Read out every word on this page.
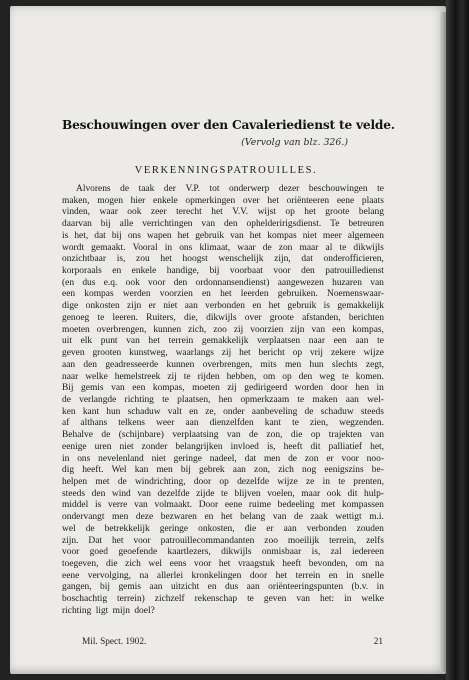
Beschouwingen over den Cavaleriedienst te velde.
(Vervolg van blz. 326.)
VERKENNINGSPATROUILLES.
Alvorens de taak der V.P. tot onderwerp dezer beschouwingen te
maken, mogen hier enkele opmerkingen over het oriënteeren eene plaats
vinden, waar ook zeer terecht het V.V. wijst op het groote belang
daarvan bij alle verrichtingen van den ophelderirigsdienst. Te betreuren
is het, dat bij ons wapen het gebruik van het kompas niet meer algemeen
wordt gemaakt. Vooral in ons klimaat, waar de zon maar al te dikwijls
onzichtbaar is, zou het hoogst wenschelijk zijn, dat onderofficieren,
korporaals en enkele handige, bij voorbaat voor den patrouilledienst
(en dus e.q. ook voor den ordonnansendienst) aangewezen huzaren van
een kompas werden voorzien en het leerden gebruiken. Noemenswaar-
dige onkosten zijn er niet aan verbonden en het gebruik is gemakkelijk
genoeg te leeren. Ruiters, die, dikwijls over groote afstanden, berichten
moeten overbrengen, kunnen zich, zoo zij voorzien zijn van een kompas,
uit elk punt van het terrein gemakkelijk verplaatsen naar een aan te
geven grooten kunstweg, waarlangs zij het bericht op vrij zekere wijze
aan den geadresseerde kunnen overbrengen, mits men hun slechts zegt,
naar welke hemelstreek zij te rijden hebben, om op den weg te komen.
Bij gemis van een kompas, moeten zij gedirigeerd worden door hen in
de verlangde richting te plaatsen, hen opmerkzaam te maken aan wel-
ken kant hun schaduw valt en ze, onder aanbeveling de schaduw steeds
af althans telkens weer aan dienzelfden kant te zien, wegzenden.
Behalve de (schijnbare) verplaatsing van de zon, die op trajekten van
eenige uren niet zonder belangrijken invloed is, heeft dit palliatief het,
in ons nevelenland niet geringe nadeel, dat men de zon er voor noo-
dig heeft. Wel kan men bij gebrek aan zon, zich nog eenigszins be-
helpen met de windrichting, door op dezelfde wijze ze in te prenten,
steeds den wind van dezelfde zijde te blijven voelen, maar ook dit hulp-
middel is verre van volmaakt. Door eene ruime bedeeling met kompassen
ondervangt men deze bezwaren en het belang van de zaak wettigt m.i.
wel de betrekkelijk geringe onkosten, die er aan verbonden zouden
zijn. Dat het voor patrouillecommandanten zoo moeilijk terrein, zelfs
voor goed geoefende kaartlezers, dikwijls onmisbaar is, zal iedereen
toegeven, die zich wel eens voor het vraagstuk heeft bevonden, om na
eene vervolging, na allerlei kronkelingen door het terrein en in snelle
gangen, bij gemis aan uitzicht en dus aan oriënteeringspunten (b.v. in
boschachtig terrein) zichzelf rekenschap te geven van het: in welke
richting ligt mijn doel?
Mil. Spect. 1902.	21
